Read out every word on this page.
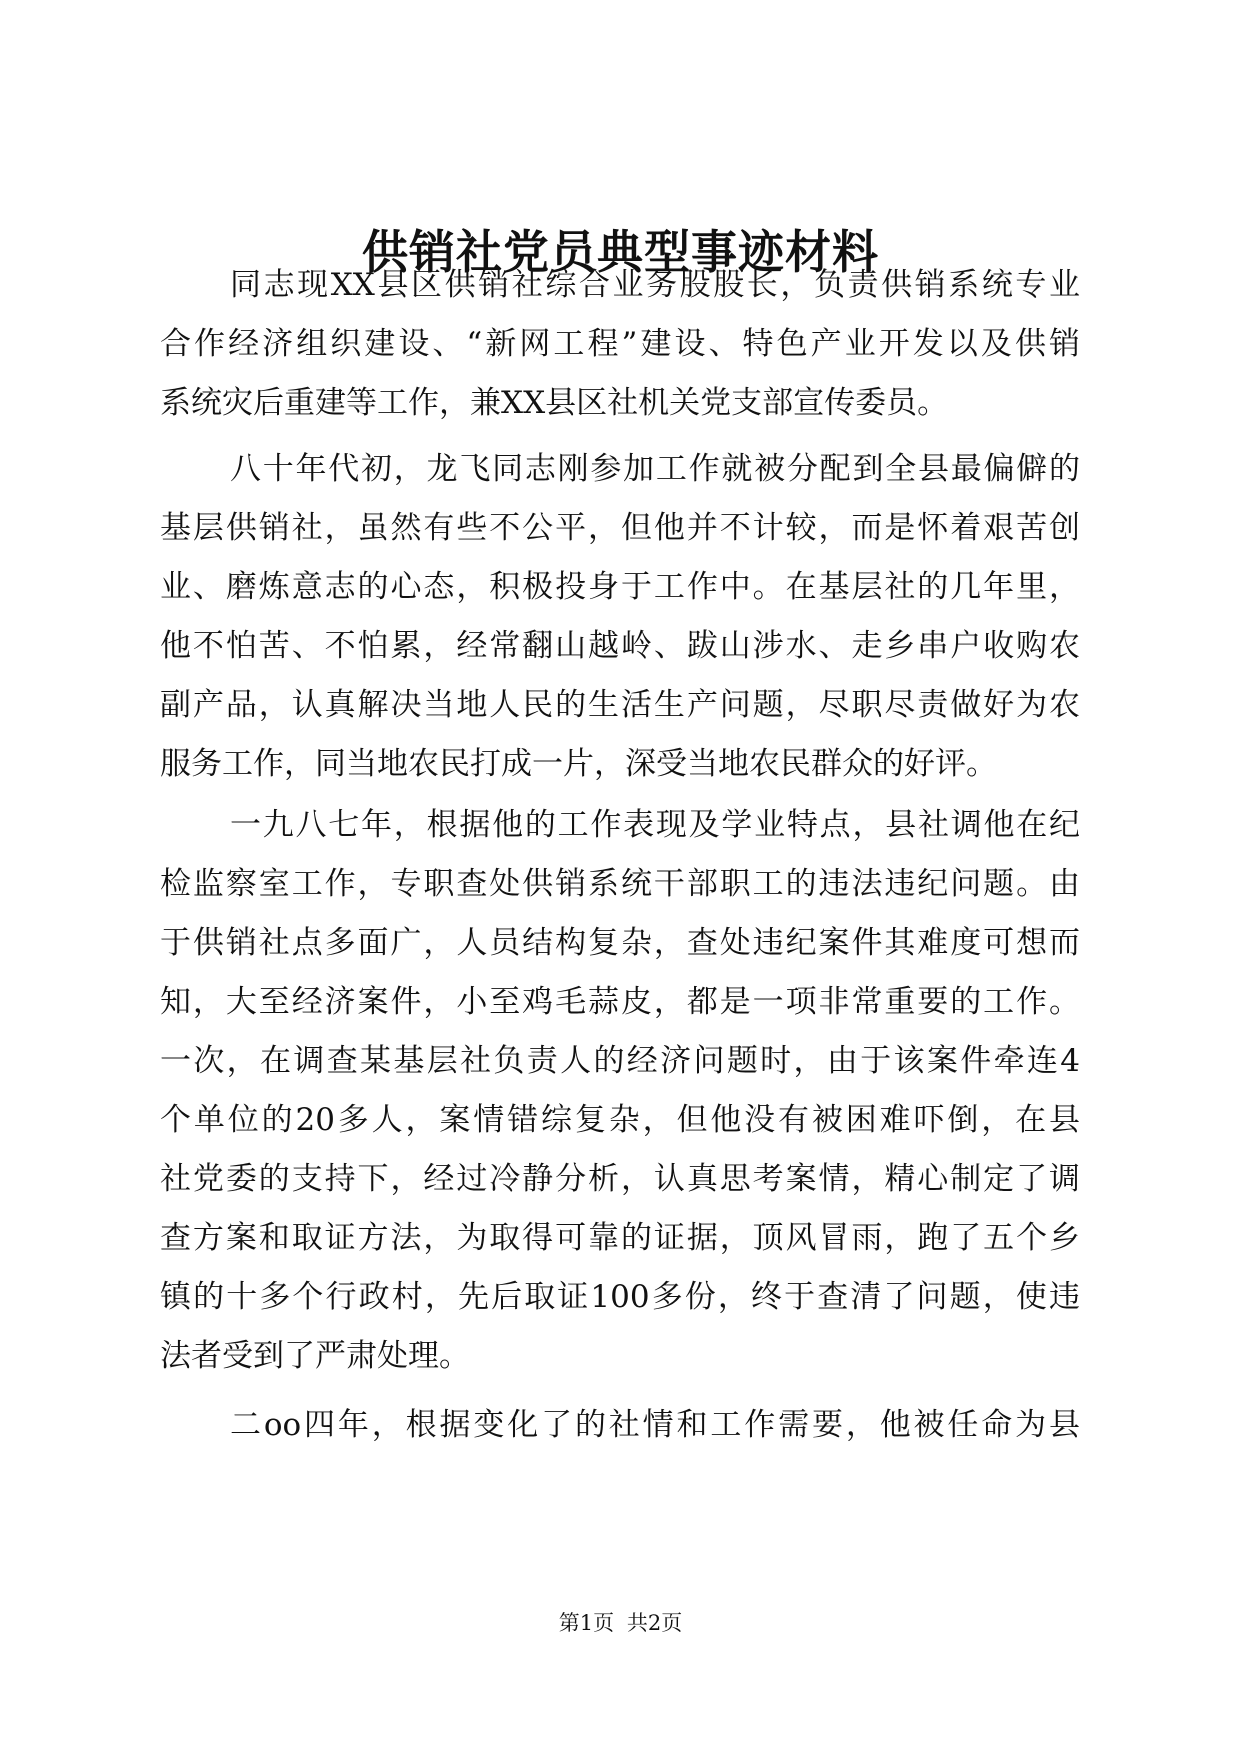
供销社党员典型事迹材料
同志现XX县区供销社综合业务股股长，负责供销系统专业
合作经济组织建设、“新网工程”建设、特色产业开发以及供销
系统灾后重建等工作，兼XX县区社机关党支部宣传委员。
八十年代初，龙飞同志刚参加工作就被分配到全县最偏僻的
基层供销社，虽然有些不公平，但他并不计较，而是怀着艰苦创
业、磨炼意志的心态，积极投身于工作中。在基层社的几年里，
他不怕苦、不怕累，经常翻山越岭、跋山涉水、走乡串户收购农
副产品，认真解决当地人民的生活生产问题，尽职尽责做好为农
服务工作，同当地农民打成一片，深受当地农民群众的好评。
一九八七年，根据他的工作表现及学业特点，县社调他在纪
检监察室工作，专职查处供销系统干部职工的违法违纪问题。由
于供销社点多面广，人员结构复杂，查处违纪案件其难度可想而
知，大至经济案件，小至鸡毛蒜皮，都是一项非常重要的工作。
一次，在调查某基层社负责人的经济问题时，由于该案件牵连4
个单位的20多人，案情错综复杂，但他没有被困难吓倒，在县
社党委的支持下，经过冷静分析，认真思考案情，精心制定了调
查方案和取证方法，为取得可靠的证据，顶风冒雨，跑了五个乡
镇的十多个行政村，先后取证100多份，终于查清了问题，使违
法者受到了严肃处理。
二oo四年，根据变化了的社情和工作需要，他被任命为县
第1页 共2页
